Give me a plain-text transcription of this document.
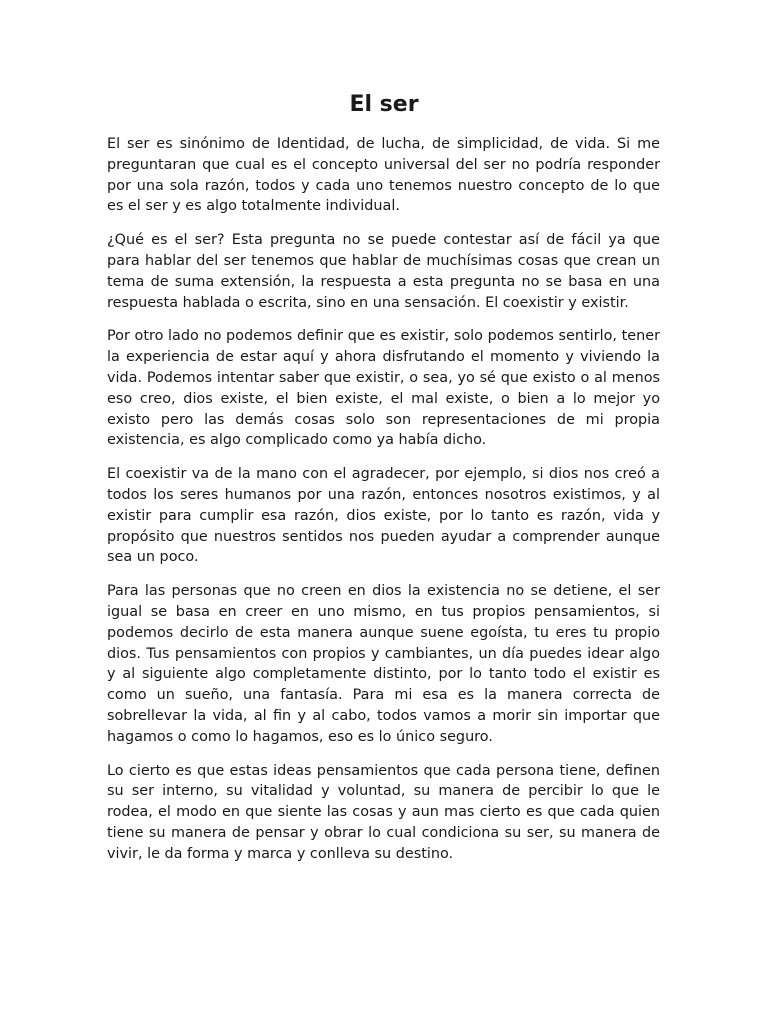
El ser

El ser es sinónimo de Identidad, de lucha, de simplicidad, de vida. Si me preguntaran que cual es el concepto universal del ser no podría responder por una sola razón, todos y cada uno tenemos nuestro concepto de lo que es el ser y es algo totalmente individual.

¿Qué es el ser? Esta pregunta no se puede contestar así de fácil ya que para hablar del ser tenemos que hablar de muchísimas cosas que crean un tema de suma extensión, la respuesta a esta pregunta no se basa en una respuesta hablada o escrita, sino en una sensación. El coexistir y existir.

Por otro lado no podemos definir que es existir, solo podemos sentirlo, tener la experiencia de estar aquí y ahora disfrutando el momento y viviendo la vida. Podemos intentar saber que existir, o sea, yo sé que existo o al menos eso creo, dios existe, el bien existe, el mal existe, o bien a lo mejor yo existo pero las demás cosas solo son representaciones de mi propia existencia, es algo complicado como ya había dicho.

El coexistir va de la mano con el agradecer, por ejemplo, si dios nos creó a todos los seres humanos por una razón, entonces nosotros existimos, y al existir para cumplir esa razón, dios existe, por lo tanto es razón, vida y propósito que nuestros sentidos nos pueden ayudar a comprender aunque sea un poco.

Para las personas que no creen en dios la existencia no se detiene, el ser igual se basa en creer en uno mismo, en tus propios pensamientos, si podemos decirlo de esta manera aunque suene egoísta, tu eres tu propio dios. Tus pensamientos con propios y cambiantes, un día puedes idear algo y al siguiente algo completamente distinto, por lo tanto todo el existir es como un sueño, una fantasía. Para mi esa es la manera correcta de sobrellevar la vida, al fin y al cabo, todos vamos a morir sin importar que hagamos o como lo hagamos, eso es lo único seguro.

Lo cierto es que estas ideas pensamientos que cada persona tiene, definen su ser interno, su vitalidad y voluntad, su manera de percibir lo que le rodea, el modo en que siente las cosas y aun mas cierto es que cada quien tiene su manera de pensar y obrar lo cual condiciona su ser, su manera de vivir, le da forma y marca y conlleva su destino.
